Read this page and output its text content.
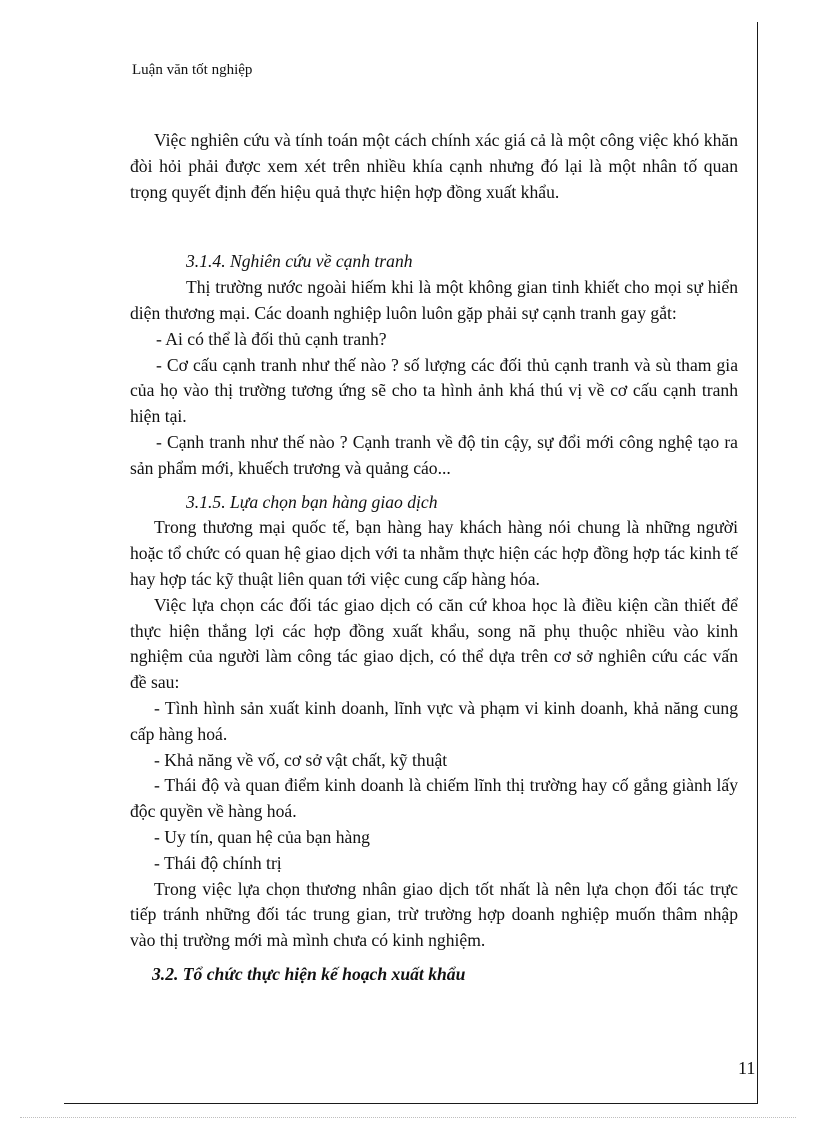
Luận văn tốt nghiệp

Việc nghiên cứu và tính toán một cách chính xác giá cả là một công việc khó khăn đòi hỏi phải được xem xét trên nhiều khía cạnh nhưng đó lại là một nhân tố quan trọng quyết định đến hiệu quả thực hiện hợp đồng xuất khẩu.

3.1.4. Nghiên cứu về cạnh tranh

Thị trường nước ngoài hiếm khi là một không gian tinh khiết cho mọi sự hiển diện thương mại. Các doanh nghiệp luôn luôn gặp phải sự cạnh tranh gay gắt:

- Ai có thể là đối thủ cạnh tranh?

- Cơ cấu cạnh tranh như thế nào ? số lượng các đối thủ cạnh tranh và sù tham gia của họ vào thị trường tương ứng sẽ cho ta hình ảnh khá thú vị về cơ cấu cạnh tranh hiện tại.

- Cạnh tranh như thế nào ? Cạnh tranh về độ tin cậy, sự đổi mới công nghệ tạo ra sản phẩm mới, khuếch trương và quảng cáo...

3.1.5. Lựa chọn bạn hàng giao dịch

Trong thương mại quốc tế, bạn hàng hay khách hàng nói chung là những người hoặc tổ chức có quan hệ giao dịch với ta nhằm thực hiện các hợp đồng hợp tác kinh tế hay hợp tác kỹ thuật liên quan tới việc cung cấp hàng hóa.

Việc lựa chọn các đối tác giao dịch có căn cứ khoa học là điều kiện cần thiết để thực hiện thắng lợi các hợp đồng xuất khẩu, song nã phụ thuộc nhiều vào kinh nghiệm của người làm công tác giao dịch, có thể dựa trên cơ sở nghiên cứu các vấn đề sau:

- Tình hình sản xuất kinh doanh, lĩnh vực và phạm vi kinh doanh, khả năng cung cấp hàng hoá.

- Khả năng về vố, cơ sở vật chất, kỹ thuật

- Thái độ và quan điểm kinh doanh là chiếm lĩnh thị trường hay cố gắng giành lấy độc quyền về hàng hoá.

- Uy tín, quan hệ của bạn hàng

- Thái độ chính trị

Trong việc lựa chọn thương nhân giao dịch tốt nhất là nên lựa chọn đối tác trực tiếp tránh những đối tác trung gian, trừ trường hợp doanh nghiệp muốn thâm nhập vào thị trường mới mà mình chưa có kinh nghiệm.

3.2. Tổ chức thực hiện kế hoạch xuất khẩu

11
